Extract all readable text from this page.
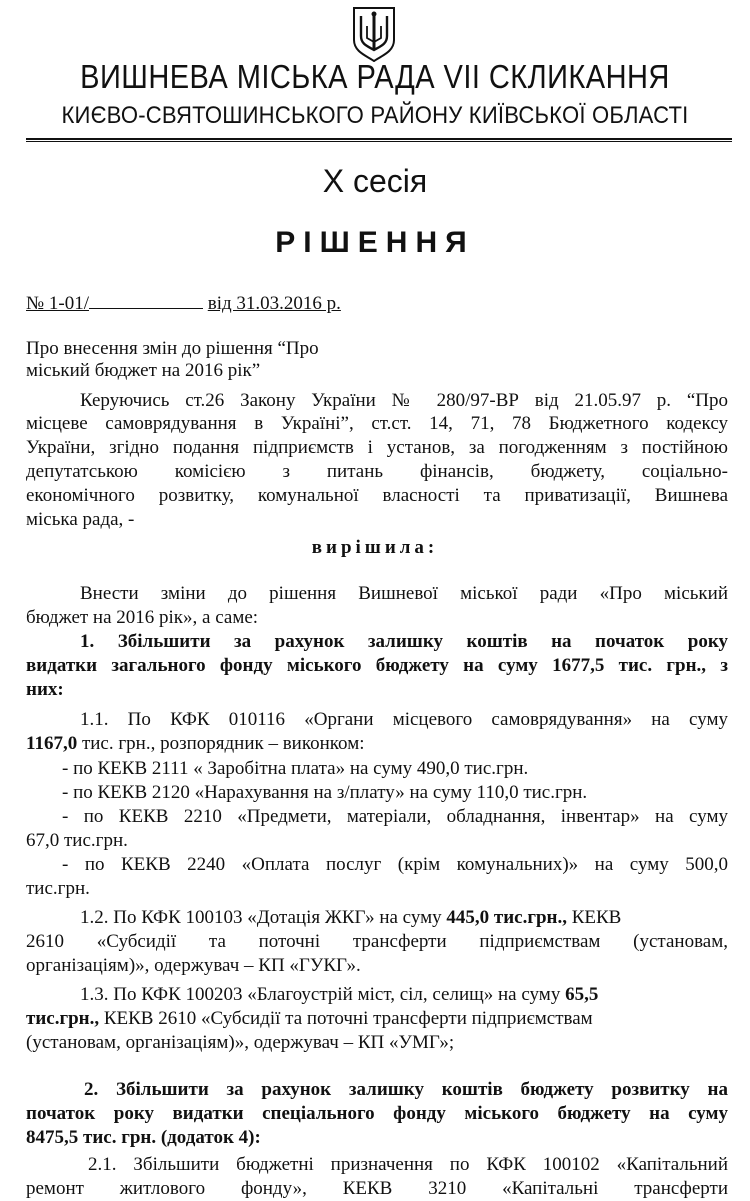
ВИШНЕВА МІСЬКА РАДА VII СКЛИКАННЯ
КИЄВО-СВЯТОШИНСЬКОГО РАЙОНУ КИЇВСЬКОЇ ОБЛАСТІ
Х сесія
РІШЕННЯ
№ 1-01/	від 31.03.2016 р.
Про внесення змін до рішення “Про
міський бюджет на 2016 рік”
Керуючись ст.26 Закону України № 280/97-ВР від 21.05.97 р. “Про
місцеве самоврядування в Україні”, ст.ст. 14, 71, 78 Бюджетного кодексу
України, згідно подання підприємств і установ, за погодженням з постійною
депутатською комісією з питань фінансів, бюджету, соціально-
економічного розвитку, комунальної власності та приватизації, Вишнева
міська рада, -
вирішила:
Внести зміни до рішення Вишневої міської ради «Про міський
бюджет на 2016 рік», а саме:
1. Збільшити за рахунок залишку коштів на початок року
видатки загального фонду міського бюджету на суму 1677,5 тис. грн., з
них:
1.1. По КФК 010116 «Органи місцевого самоврядування» на суму
1167,0 тис. грн., розпорядник – виконком:
- по КЕКВ 2111 « Заробітна плата» на суму 490,0 тис.грн.
- по КЕКВ 2120 «Нарахування на з/плату» на суму 110,0 тис.грн.
- по КЕКВ 2210 «Предмети, матеріали, обладнання, інвентар» на суму
67,0 тис.грн.
- по КЕКВ 2240 «Оплата послуг (крім комунальних)» на суму 500,0
тис.грн.
1.2. По КФК 100103 «Дотація ЖКГ» на суму 445,0 тис.грн., КЕКВ
2610 «Субсидії та поточні трансферти підприємствам (установам,
організаціям)», одержувач – КП «ГУКГ».
1.3. По КФК 100203 «Благоустрій міст, сіл, селищ» на суму 65,5
тис.грн., КЕКВ 2610 «Субсидії та поточні трансферти підприємствам
(установам, організаціям)», одержувач – КП «УМГ»;
2. Збільшити за рахунок залишку коштів бюджету розвитку на
початок року видатки спеціального фонду міського бюджету на суму
8475,5 тис. грн. (додаток 4):
2.1. Збільшити бюджетні призначення по КФК 100102 «Капітальний
ремонт житлового фонду», КЕКВ 3210 «Капітальні трансферти
